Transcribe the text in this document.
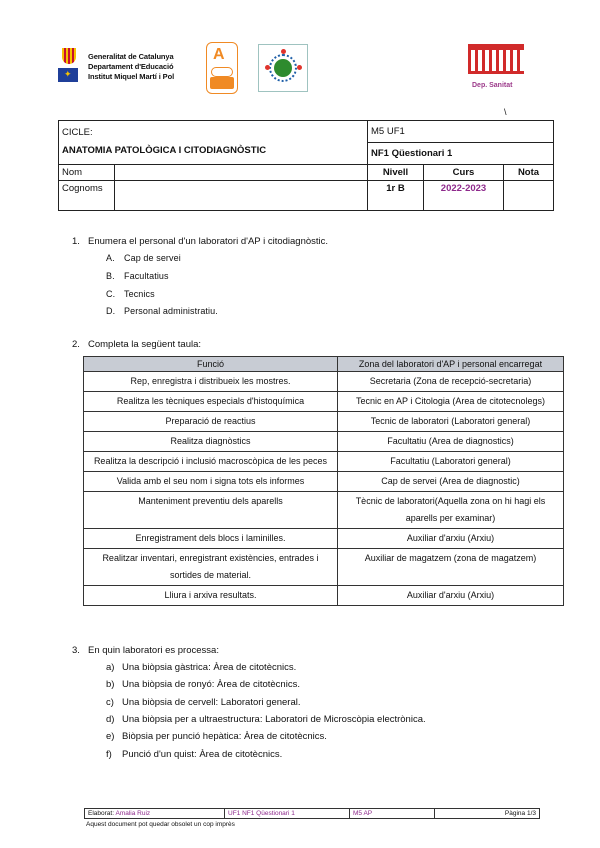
✦
Generalitat de Catalunya
Departament d'Educació
Institut Miquel Martí i Pol
A

Dep. Sanitat
\
CICLE:
ANATOMIA PATOLÒGICA I CITODIAGNÒSTIC		M5 UF1		
		NF1 Qüestionari 1		
Nom		Nivell	Curs	Nota
Cognoms		1r B	2022-2023	
1. Enumera el personal d'un laboratori d'AP i citodiagnòstic.
A. Cap de servei
B. Facultatius
C. Tecnics
D. Personal administratiu.
2. Completa la següent taula:
Funció	Zona del laboratori d'AP i personal encarregat
Rep, enregistra i distribueix les mostres.	Secretaria (Zona de recepció-secretaria)
Realitza les tècniques especials d'histoquímica	Tecnic en AP i Citologia (Area de citotecnolegs)
Preparació de reactius	Tecnic de laboratori (Laboratori general)
Realitza diagnòstics	Facultatiu (Area de diagnostics)
Realitza la descripció i inclusió macroscòpica de les peces	Facultatiu (Laboratori general)
Valida amb el seu nom i signa tots els informes	Cap de servei (Area de diagnostic)
Manteniment preventiu dels aparells	Tècnic de laboratori(Aquella zona on hi hagi els aparells per examinar)
Enregistrament dels blocs i laminilles.	Auxiliar d'arxiu (Arxiu)
Realitzar inventari, enregistrant existències, entrades i sortides de material.	Auxiliar de magatzem (zona de magatzem)
Lliura i arxiva resultats.	Auxiliar d'arxiu (Arxiu)
3. En quin laboratori es processa:
a) Una biòpsia gàstrica: Àrea de citotècnics.
b) Una biòpsia de ronyó: Àrea de citotècnics.
c) Una biòpsia de cervell: Laboratori general.
d) Una biòpsia per a ultraestructura: Laboratori de Microscòpia electrònica.
e) Biòpsia per punció hepàtica: Àrea de citotècnics.
f) Punció d'un quist: Àrea de citotècnics.
Elaborat: Amalia Ruiz	UF1 NF1 Qüestionari 1	M5 AP	Pàgina 1/3
Aquest document pot quedar obsolet un cop imprès
